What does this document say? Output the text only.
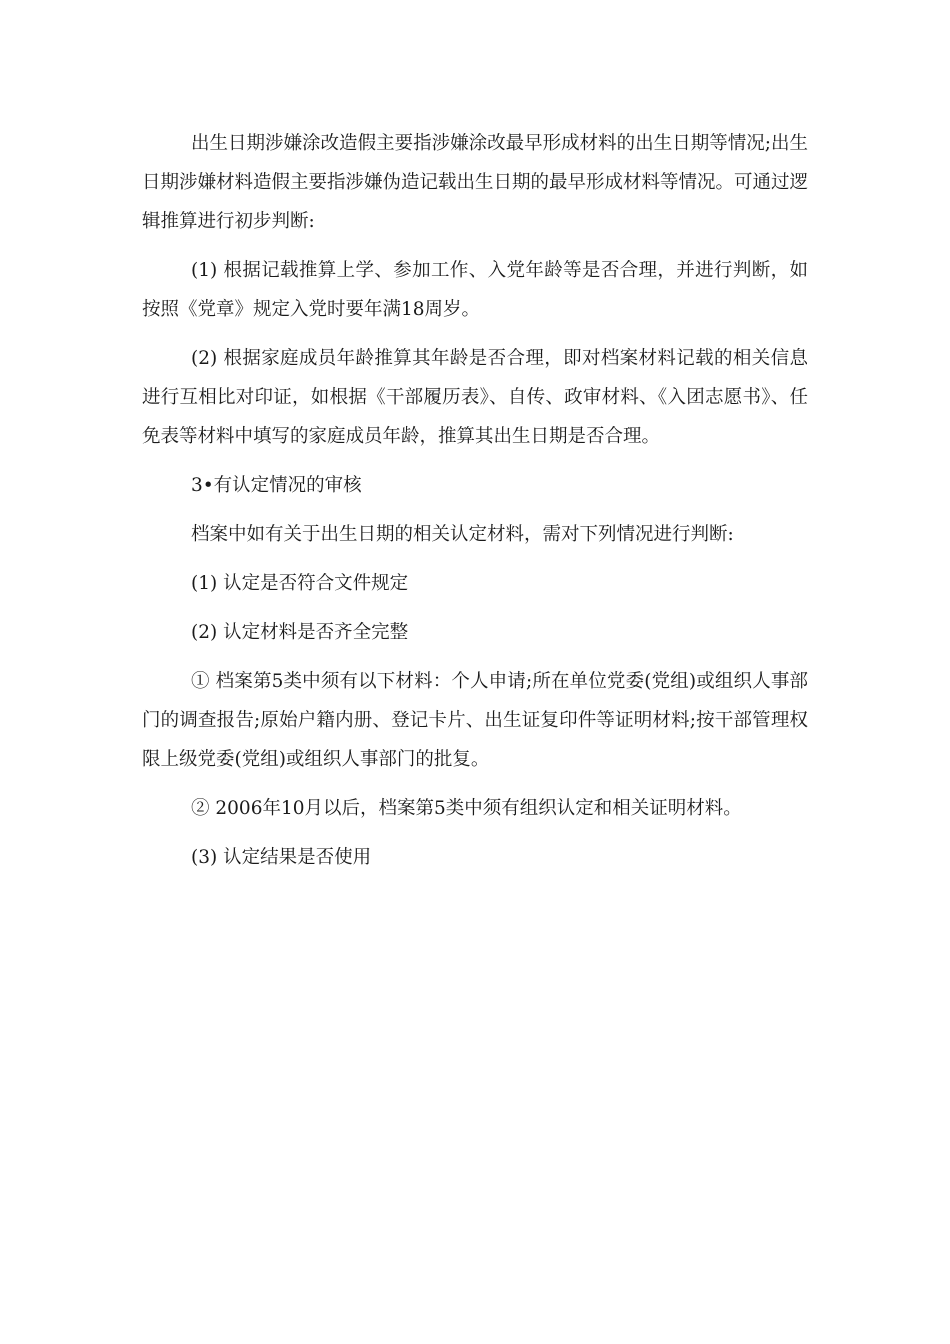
出生日期涉嫌涂改造假主要指涉嫌涂改最早形成材料的出生日期等情况;出生日期涉嫌材料造假主要指涉嫌伪造记载出生日期的最早形成材料等情况。可通过逻辑推算进行初步判断:

(1) 根据记载推算上学、参加工作、入党年龄等是否合理，并进行判断，如按照《党章》规定入党时要年满18周岁。

(2) 根据家庭成员年龄推算其年龄是否合理，即对档案材料记载的相关信息进行互相比对印证，如根据《干部履历表》、自传、政审材料、《入团志愿书》、任免表等材料中填写的家庭成员年龄，推算其出生日期是否合理。

3•有认定情况的审核

档案中如有关于出生日期的相关认定材料，需对下列情况进行判断:

(1) 认定是否符合文件规定

(2) 认定材料是否齐全完整

① 档案第5类中须有以下材料：个人申请;所在单位党委(党组)或组织人事部门的调查报告;原始户籍内册、登记卡片、出生证复印件等证明材料;按干部管理权限上级党委(党组)或组织人事部门的批复。

② 2006年10月以后，档案第5类中须有组织认定和相关证明材料。

(3) 认定结果是否使用
